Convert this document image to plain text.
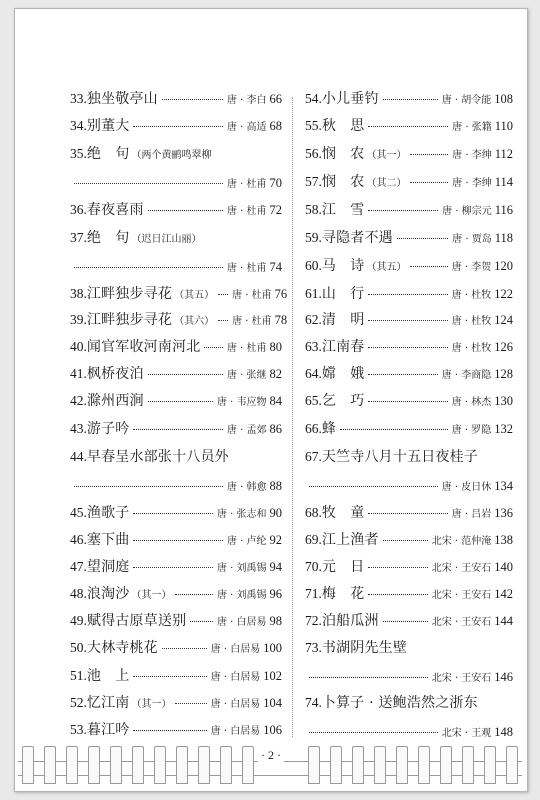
33. 独坐敬亭山	唐 · 李白 66
34. 别董大	唐 · 高适 68
35. 绝　句 （两个黄鹂鸣翠柳
唐 · 杜甫 70
36. 春夜喜雨	唐 · 杜甫 72
37. 绝　句 （迟日江山丽）
唐 · 杜甫 74
38. 江畔独步寻花 （其五） 唐 · 杜甫 76
39. 江畔独步寻花 （其六） 唐 · 杜甫 78
40. 闻官军收河南河北	唐 · 杜甫 80
41. 枫桥夜泊	唐 · 张继 82
42. 滁州西涧	唐 · 韦应物 84
43. 游子吟	唐 · 孟郊 86
44. 早春呈水部张十八员外
唐 · 韩愈 88
45. 渔歌子	唐 · 张志和 90
46. 塞下曲	唐 · 卢纶 92
47. 望洞庭	唐 · 刘禹锡 94
48. 浪淘沙 （其一）	唐 · 刘禹锡 96
49. 赋得古原草送别	唐 · 白居易 98
50. 大林寺桃花	唐 · 白居易 100
51. 池　上	唐 · 白居易 102
52. 忆江南 （其一）	唐 · 白居易 104
53. 暮江吟	唐 · 白居易 106
54. 小儿垂钓	唐 · 胡令能 108
55. 秋　思	唐 · 张籍 110
56. 悯　农 （其一）	唐 · 李绅 112
57. 悯　农 （其二）	唐 · 李绅 114
58. 江　雪	唐 · 柳宗元 116
59. 寻隐者不遇	唐 · 贾岛 118
60. 马　诗 （其五）	唐 · 李贺 120
61. 山　行	唐 · 杜牧 122
62. 清　明	唐 · 杜牧 124
63. 江南春	唐 · 杜牧 126
64. 嫦　娥	唐 · 李商隐 128
65. 乞　巧	唐 · 林杰 130
66. 蜂	唐 · 罗隐 132
67. 天竺寺八月十五日夜桂子
唐 · 皮日休 134
68. 牧　童	唐 · 吕岩 136
69. 江上渔者	北宋 · 范仲淹 138
70. 元　日	北宋 · 王安石 140
71. 梅　花	北宋 · 王安石 142
72. 泊船瓜洲	北宋 · 王安石 144
73. 书湖阴先生壁
北宋 · 王安石 146
74. 卜算子 · 送鲍浩然之浙东
北宋 · 王观 148
· 2 ·
